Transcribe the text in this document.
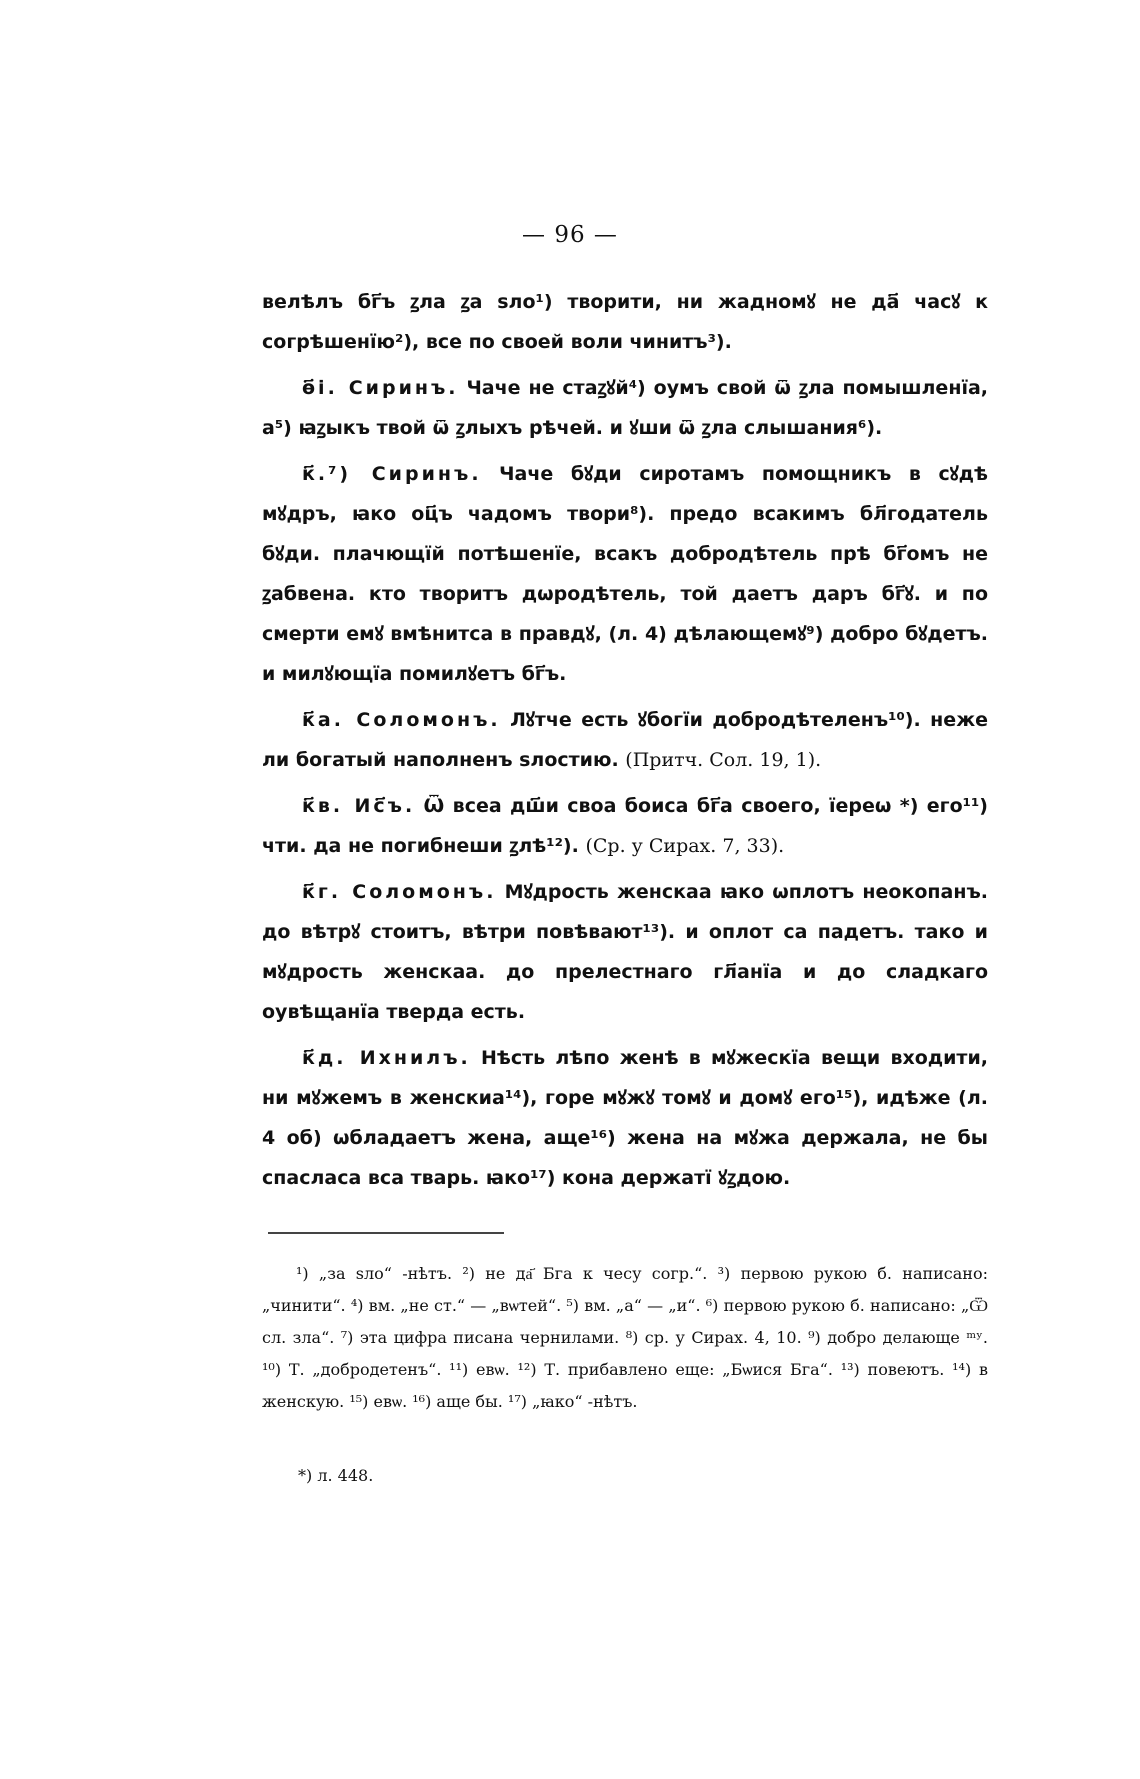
— 96 —

велѣлъ бг҃ъ ꙁла ꙁа ѕло¹) творити, ни жадномꙋ не да҃ часꙋ к согрѣшенїю²), все по своей воли чинитъ³).

ѳ҃і. Сиринъ. Чаче не стаꙁꙋй⁴) оумъ свой ѿ ꙁла помышленїа, а⁵) ꙗꙁыкъ твой ѿ ꙁлыхъ рѣчей. и ꙋши ѿ ꙁла слышания⁶).

к҃.⁷) Сиринъ. Чаче бꙋди сиротамъ помощникъ в сꙋдѣ мꙋдръ, ꙗко оц҃ъ чадомъ твори⁸). предо всакимъ бл҃годатель бꙋди. плачющїй потѣшенїе, всакъ добродѣтель прѣ бг҃омъ не ꙁабвена. кто творитъ дѡродѣтель, той даетъ даръ бг҃ꙋ. и по смерти емꙋ вмѣнитса в правдꙋ, (л. 4) дѣлающемꙋ⁹) добро бꙋдетъ. и милꙋющїа помилꙋетъ бг҃ъ.

к҃а. Соломонъ. Лꙋтче есть ꙋбогїи добродѣтеленъ¹⁰). неже ли богатый наполненъ ѕлостию. (Притч. Сол. 19, 1).

к҃в. Ис҃ъ. Ѿ всеа дш҃и своа боиса бг҃а своего, їереѡ *) его¹¹) чти. да не погибнеши ꙁлѣ¹²). (Ср. у Сирах. 7, 33).

к҃г. Соломонъ. Мꙋдрость женскаа ꙗко ѡплотъ неокопанъ. до вѣтрꙋ стоитъ, вѣтри повѣвают¹³). и оплот са падетъ. тако и мꙋдрость женскаа. до прелестнаго гл҃анїа и до сладкаго оувѣщанїа тверда есть.

к҃д. Ихнилъ. Нѣсть лѣпо женѣ в мꙋжескїа вещи входити, ни мꙋжемъ в женскиа¹⁴), горе мꙋжꙋ томꙋ и домꙋ его¹⁵), идѣже (л. 4 об) ѡбладаетъ жена, аще¹⁶) жена на мꙋжа держала, не бы спаслаcа вса тварь. ꙗко¹⁷) кона держатї ꙋꙁдою.

¹) „за ѕло“ -нѣтъ. ²) не да҃ Бга к чесу согр.“. ³) первою рукою б. написано: „чинити“. ⁴) вм. „не ст.“ — „вѡтей“. ⁵) вм. „а“ — „и“. ⁶) первою рукою б. написано: „Ѿ сл. зла“. ⁷) эта цифра писана чернилами. ⁸) ср. у Сирах. 4, 10. ⁹) добро делающе ᵐʸ. ¹⁰) Т. „добродетенъ“. ¹¹) евѡ. ¹²) Т. прибавлено еще: „Бѡися Бга“. ¹³) повеютъ. ¹⁴) в женскую. ¹⁵) евѡ. ¹⁶) аще бы. ¹⁷) „ꙗко“ -нѣтъ.
*) л. 448.
